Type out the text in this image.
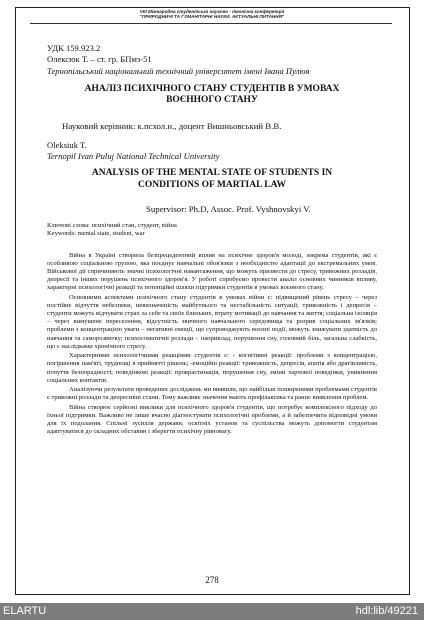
VIII Міжнародна студентська науково - технічна конференція
"ПРИРОДНИЧІ ТА ГУМАНІТАРНІ НАУКИ. АКТУАЛЬНІ ПИТАННЯ"
УДК 159.923.2
Олексюк Т. – ст. гр. БПмз-51
Тернопільський національний технічний університет імені Івана Пулюя
АНАЛІЗ ПСИХІЧНОГО СТАНУ СТУДЕНТІВ В УМОВАХ
ВОЄННОГО СТАНУ
Науковий керівник: к.псхол.н., доцент Вишньовський В.В.
Oleksiuk T.
Ternopil Ivan Puluj National Technical University
ANALYSIS OF THE MENTAL STATE OF STUDENTS IN
CONDITIONS OF MARTIAL LAW
Supervisor: Ph.D, Assoc. Prof. Vyshnovskyi V.
Ключові слова: психічний стан, студент, війна
Keywords: mental state, student, war

Війна в Україні створила безпрецедентний вплив на психічне здоров'я молоді, зокрема студентів, які є особливою соціальною групою, яка поєднує навчальні обов'язки з необхідністю адаптації до екстремальних умов. Військової дії спричиняють значні психологічні навантаження, що можуть призвести до стресу, тривожних розладів, депресії та інших порушень психічного здоров'я. У роботі спробуємо провести аналіз основних чинників впливу, характерні психологічні реакції та потенційні шляхи підтримки студентів в умовах воєнного стану.

Основними аспектами психічного стану студентів в умовах війни є: підвищений рівень стресу – через постійне відчуття небезпеки, невизначеність майбутнього та нестабільність ситуації; тривожність і депресія – студенти можуть відчувати страх за себе та своїх близьких, втрату мотивації до навчання та життя; соціальна ізоляція – через вимушене переселення, відсутність звичного навчального середовища та розрив соціальних зв'язків; проблеми з концентрацією уваги – негативні емоції, що супроводжують воєнні події, можуть знижувати здатність до навчання та саморозвитку; психосоматичні розлади – наприклад, порушення сну, головний біль, загальна слабкість, що є наслідками хронічного стресу.

Характерними психологічними реакціями студентів є: - когнітивні реакції: проблеми з концентрацією, погіршення пам'яті, труднощі в прийнятті рішень; -емоційні реакції: тривожність, депресія, апатія або дратівливість, почуття безпорадності; поведінкові реакції: прокрастинація, порушення сну, зміни харчової поведінки, уникнення соціальних контактів.

Аналізуючи результати проведених досліджень ми виявили, що найбільш поширеними проблемами студентів є тривожні розлади та депресивні стани. Тому важливе значення мають профілактика та раннє виявлення проблем.

Війна створює серйозні виклики для психічного здоров'я студентів, що потребує комплексного підходу до їхньої підтримки. Важливо не лише вчасно діагностувати психологічні проблеми, а й забезпечити відповідні умови для їх подолання. Спільні зусилля держави, освітніх установ та суспільства можуть допомогти студентам адаптуватися до складних обставин і зберегти психічну рівновагу.

278
ELARTU	hdl:lib/49221
